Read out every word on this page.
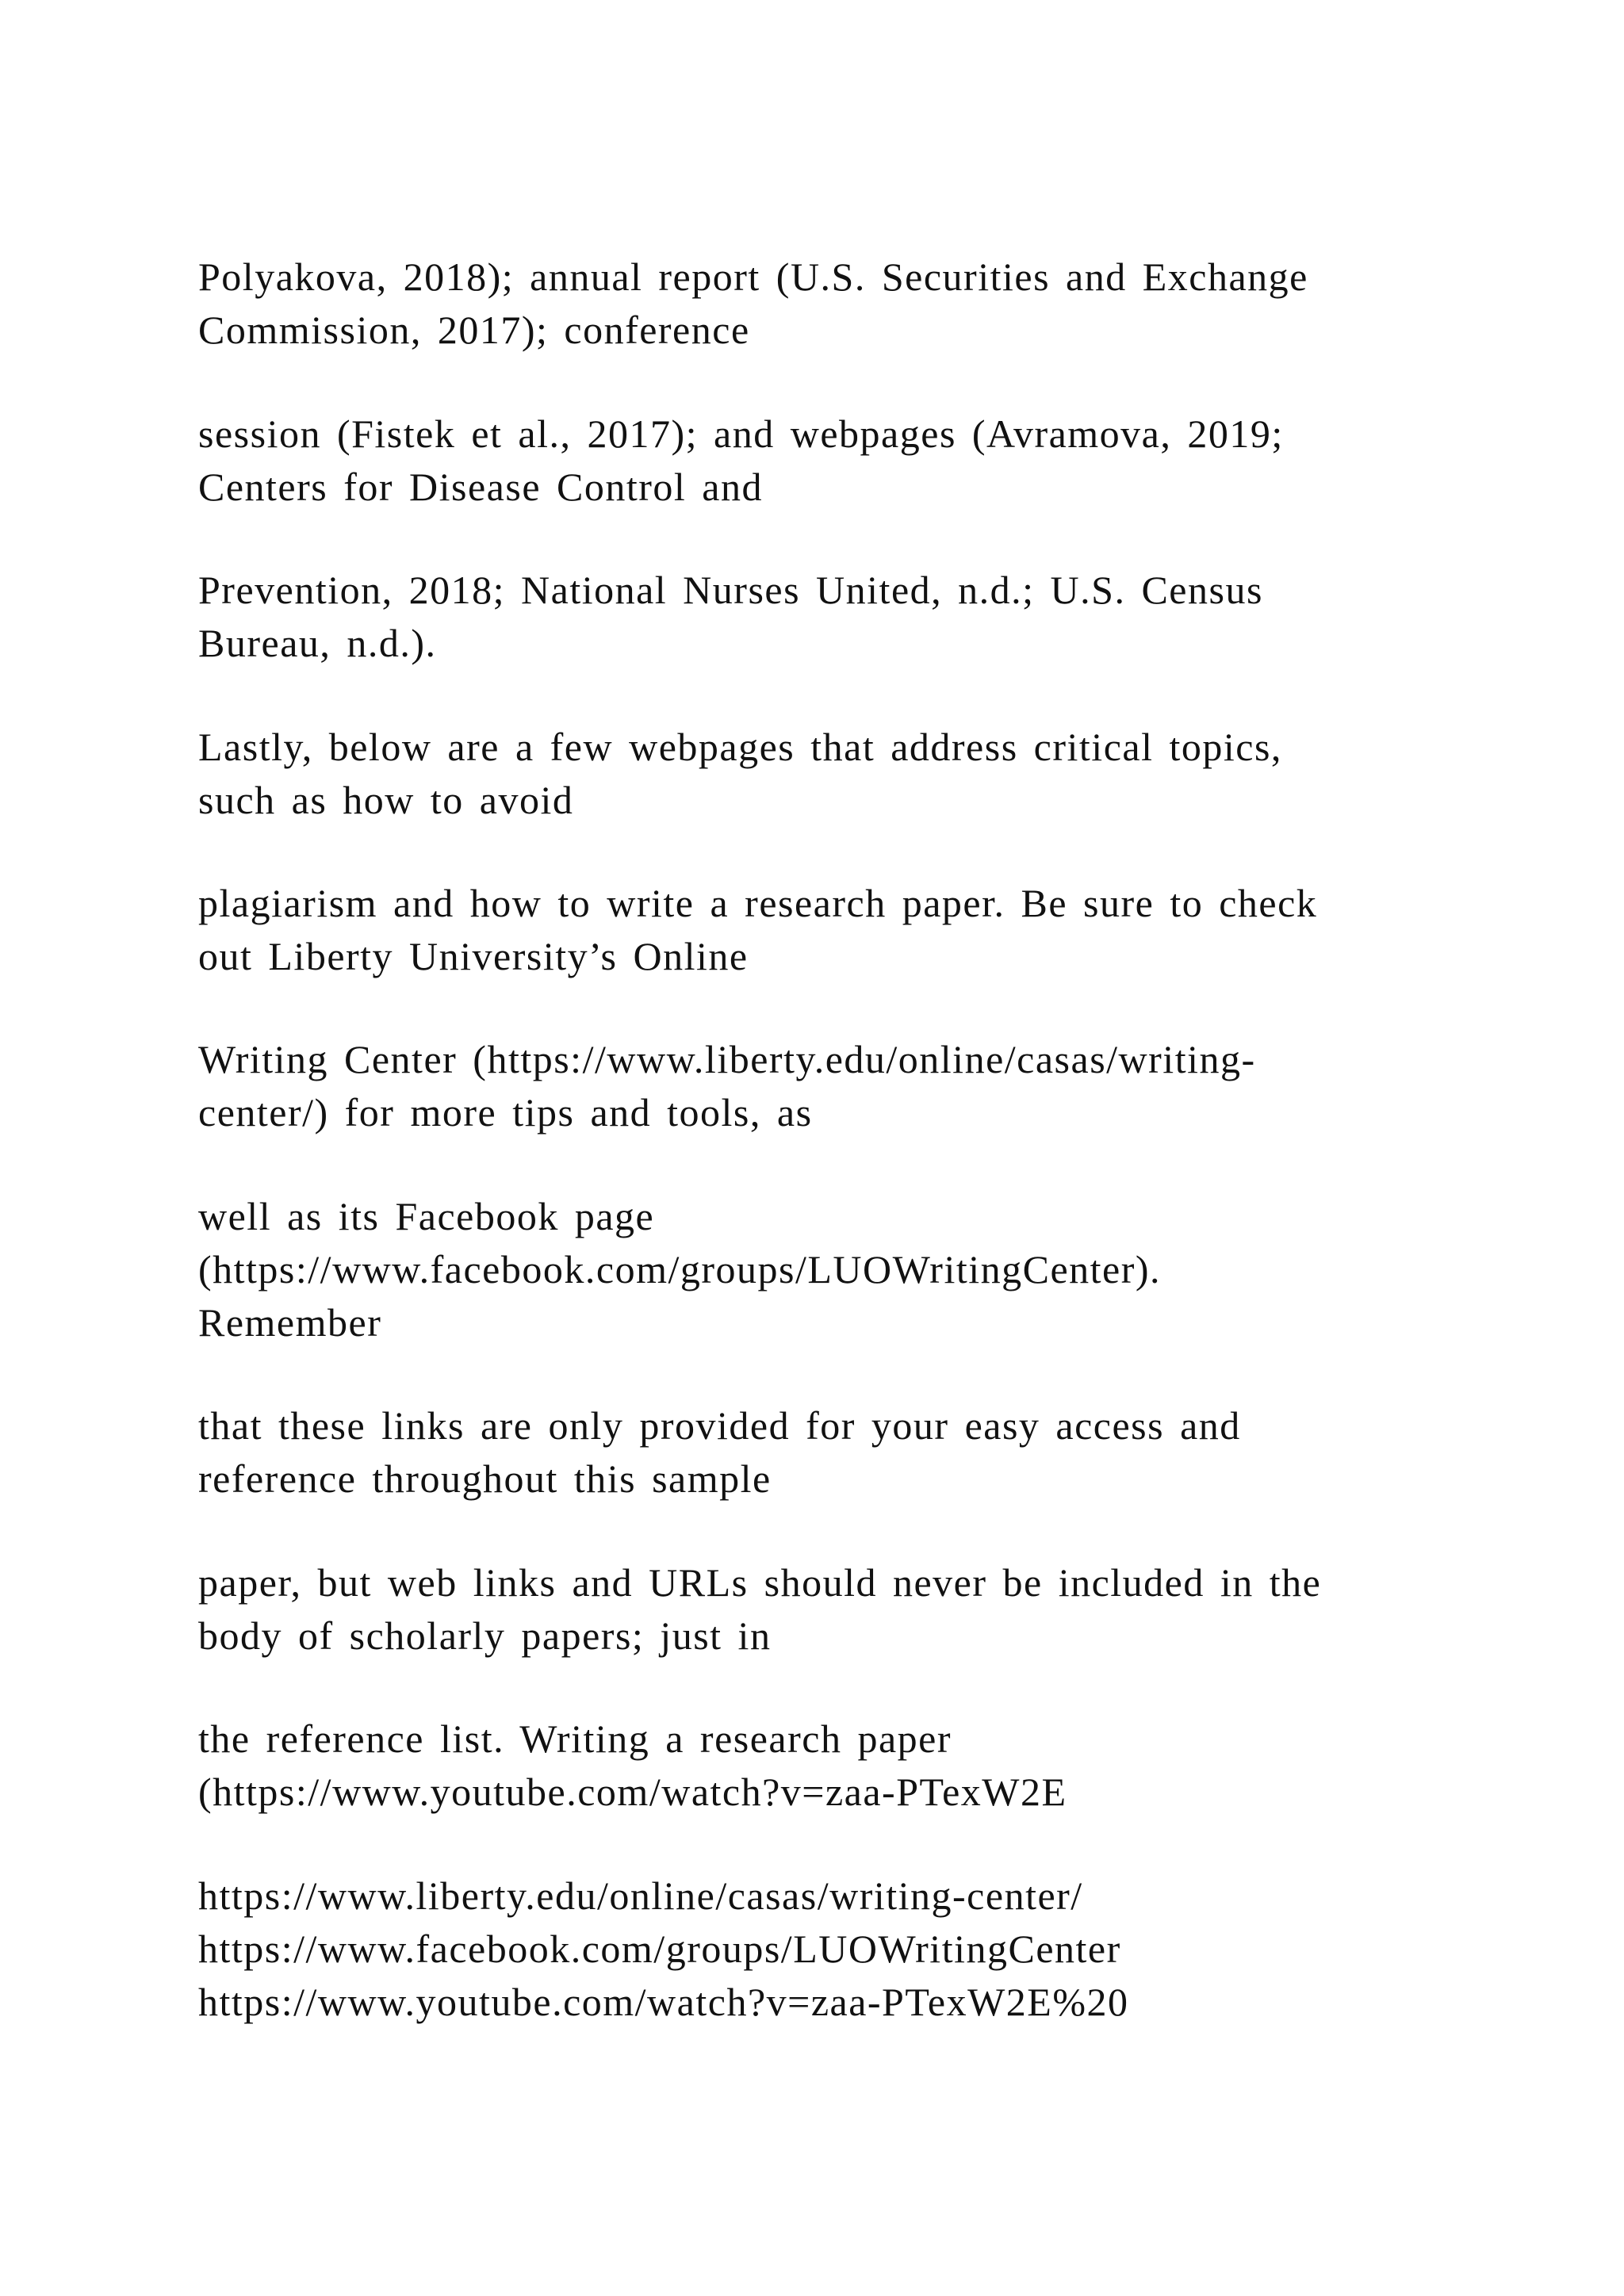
Polyakova, 2018); annual report (U.S. Securities and Exchange
Commission, 2017); conference
session (Fistek et al., 2017); and webpages (Avramova, 2019;
Centers for Disease Control and
Prevention, 2018; National Nurses United, n.d.; U.S. Census
Bureau, n.d.).
Lastly, below are a few webpages that address critical topics,
such as how to avoid
plagiarism and how to write a research paper. Be sure to check
out Liberty University’s Online
Writing Center (https://www.liberty.edu/online/casas/writing-
center/) for more tips and tools, as
well as its Facebook page
(https://www.facebook.com/groups/LUOWritingCenter).
Remember
that these links are only provided for your easy access and
reference throughout this sample
paper, but web links and URLs should never be included in the
body of scholarly papers; just in
the reference list. Writing a research paper
(https://www.youtube.com/watch?v=zaa-PTexW2E
https://www.liberty.edu/online/casas/writing-center/
https://www.facebook.com/groups/LUOWritingCenter
https://www.youtube.com/watch?v=zaa-PTexW2E%20
